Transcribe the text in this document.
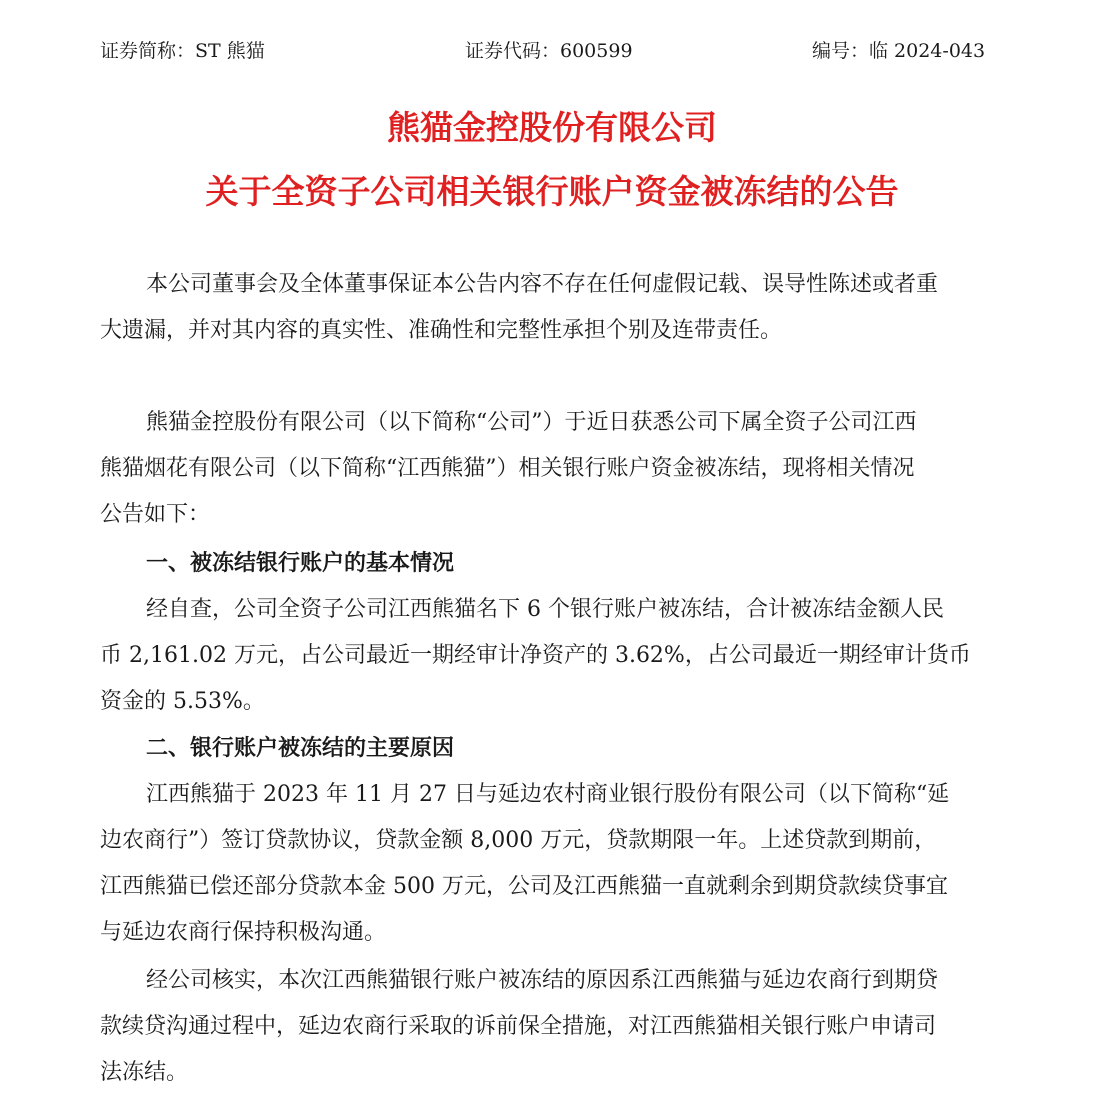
证券简称：ST 熊猫	证券代码：600599	编号：临 2024-043
熊猫金控股份有限公司
关于全资子公司相关银行账户资金被冻结的公告
本公司董事会及全体董事保证本公告内容不存在任何虚假记载、误导性陈述或者重
大遗漏，并对其内容的真实性、准确性和完整性承担个别及连带责任。
熊猫金控股份有限公司（以下简称“公司”）于近日获悉公司下属全资子公司江西
熊猫烟花有限公司（以下简称“江西熊猫”）相关银行账户资金被冻结，现将相关情况
公告如下：
一、被冻结银行账户的基本情况
经自查，公司全资子公司江西熊猫名下 6 个银行账户被冻结，合计被冻结金额人民
币 2,161.02 万元，占公司最近一期经审计净资产的 3.62%，占公司最近一期经审计货币
资金的 5.53%。
二、银行账户被冻结的主要原因
江西熊猫于 2023 年 11 月 27 日与延边农村商业银行股份有限公司（以下简称“延
边农商行”）签订贷款协议，贷款金额 8,000 万元，贷款期限一年。上述贷款到期前，
江西熊猫已偿还部分贷款本金 500 万元，公司及江西熊猫一直就剩余到期贷款续贷事宜
与延边农商行保持积极沟通。
经公司核实，本次江西熊猫银行账户被冻结的原因系江西熊猫与延边农商行到期贷
款续贷沟通过程中，延边农商行采取的诉前保全措施，对江西熊猫相关银行账户申请司
法冻结。
